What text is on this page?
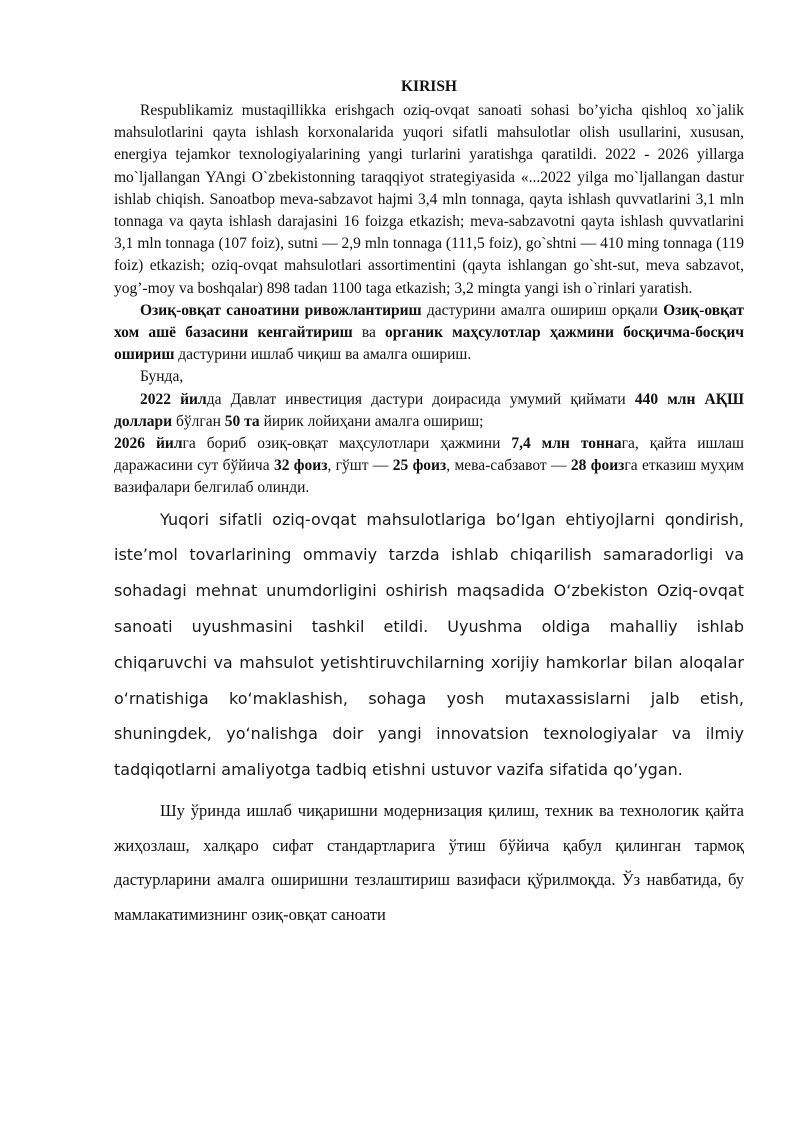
KIRISH

Respublikamiz mustaqillikka erishgach oziq-ovqat sanoati sohasi bo’yicha qishloq xo`jalik mahsulotlarini qayta ishlash korxonalarida yuqori sifatli mahsulotlar olish usullarini, xususan, energiya tejamkor texnologiyalarining yangi turlarini yaratishga qaratildi. 2022 - 2026 yillarga mo`ljallangan YAngi O`zbekistonning taraqqiyot strategiyasida «...2022 yilga mo`ljallangan dastur ishlab chiqish. Sanoatbop meva-sabzavot hajmi 3,4 mln tonnaga, qayta ishlash quvvatlarini 3,1 mln tonnaga va qayta ishlash darajasini 16 foizga etkazish; meva-sabzavotni qayta ishlash quvvatlarini 3,1 mln tonnaga (107 foiz), sutni — 2,9 mln tonnaga (111,5 foiz), go`shtni — 410 ming tonnaga (119 foiz) etkazish; oziq-ovqat mahsulotlari assortimentini (qayta ishlangan go`sht-sut, meva sabzavot, yog’-moy va boshqalar) 898 tadan 1100 taga etkazish; 3,2 mingta yangi ish o`rinlari yaratish.

Озиқ-овқат саноатини ривожлантириш дастурини амалга ошириш орқали Озиқ-овқат хом ашё базасини кенгайтириш ва органик маҳсулотлар ҳажмини босқичма-босқич ошириш дастурини ишлаб чиқиш ва амалга ошириш.

Бунда,

2022 йилда Давлат инвестиция дастури доирасида умумий қиймати 440 млн АҚШ доллари бўлган 50 та йирик лойиҳани амалга ошириш;

2026 йилга бориб озиқ-овқат маҳсулотлари ҳажмини 7,4 млн тоннага, қайта ишлаш даражасини сут бўйича 32 фоиз, гўшт — 25 фоиз, мева-сабзавот — 28 фоизга етказиш муҳим вазифалари белгилаб олинди.

Yuqori sifatli oziq-ovqat mahsulotlariga bo‘lgan ehtiyojlarni qondirish, iste’mol tovarlarining ommaviy tarzda ishlab chiqarilish samaradorligi va sohadagi mehnat unumdorligini oshirish maqsadida O‘zbekiston Oziq-ovqat sanoati uyushmasini tashkil etildi. Uyushma oldiga mahalliy ishlab chiqaruvchi va mahsulot yetishtiruvchilarning xorijiy hamkorlar bilan aloqalar o‘rnatishiga ko‘maklashish, sohaga yosh mutaxassislarni jalb etish, shuningdek, yo‘nalishga doir yangi innovatsion texnologiyalar va ilmiy tadqiqotlarni amaliyotga tadbiq etishni ustuvor vazifa sifatida qo’ygan.

Шу ўринда ишлаб чиқаришни модернизация қилиш, техник ва технологик қайта жиҳозлаш, халқаро сифат стандартларига ўтиш бўйича қабул қилинган тармоқ дастурларини амалга оширишни тезлаштириш вазифаси қўрилмоқда. Ўз навбатида, бу мамлакатимизнинг озиқ-овқат саноати
